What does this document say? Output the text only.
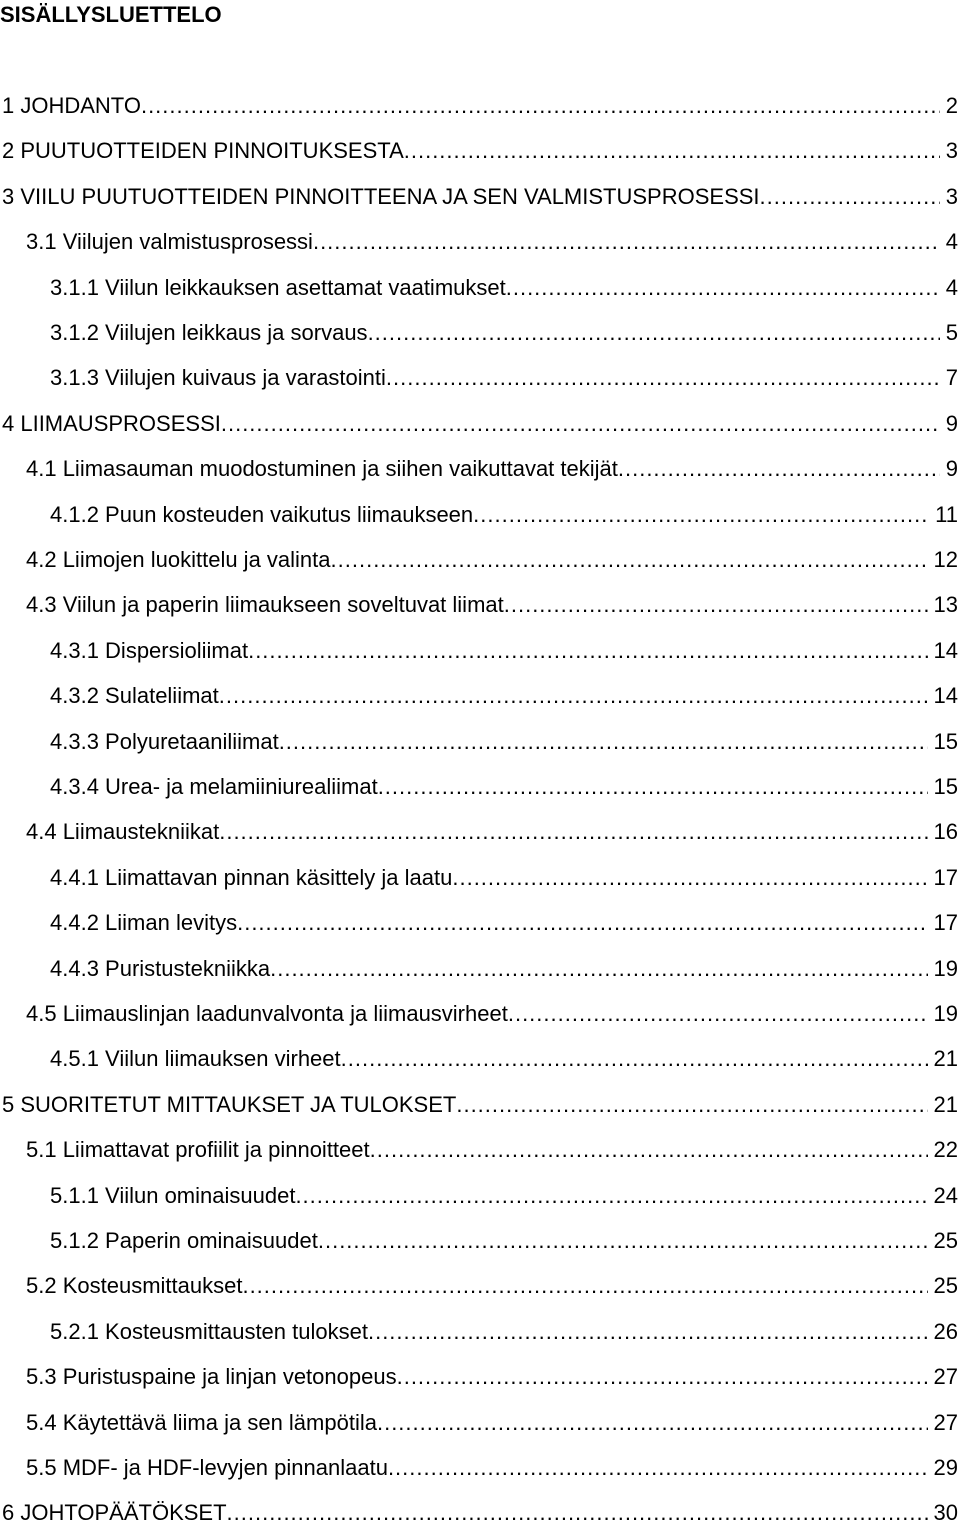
SISÄLLYSLUETTELO
1 JOHDANTO .....	2
2 PUUTUOTTEIDEN PINNOITUKSESTA .....	3
3 VIILU PUUTUOTTEIDEN PINNOITTEENA JA SEN VALMISTUSPROSESSI .....	3
3.1 Viilujen valmistusprosessi .....	4
3.1.1 Viilun leikkauksen asettamat vaatimukset .....	4
3.1.2 Viilujen leikkaus ja sorvaus .....	5
3.1.3 Viilujen kuivaus ja varastointi .....	7
4 LIIMAUSPROSESSI .....	9
4.1 Liimasauman muodostuminen ja siihen vaikuttavat tekijät .....	9
4.1.2 Puun kosteuden vaikutus liimaukseen .....	11
4.2 Liimojen luokittelu ja valinta .....	12
4.3 Viilun ja paperin liimaukseen soveltuvat liimat .....	13
4.3.1 Dispersioliimat .....	14
4.3.2 Sulateliimat .....	14
4.3.3 Polyuretaaniliimat .....	15
4.3.4 Urea- ja melamiiniurealiimat .....	15
4.4 Liimaustekniikat .....	16
4.4.1 Liimattavan pinnan käsittely ja laatu .....	17
4.4.2 Liiman levitys .....	17
4.4.3 Puristustekniikka .....	19
4.5 Liimauslinjan laadunvalvonta ja liimausvirheet .....	19
4.5.1 Viilun liimauksen virheet .....	21
5 SUORITETUT MITTAUKSET JA TULOKSET .....	21
5.1 Liimattavat profiilit ja pinnoitteet .....	22
5.1.1 Viilun ominaisuudet .....	24
5.1.2 Paperin ominaisuudet .....	25
5.2 Kosteusmittaukset .....	25
5.2.1 Kosteusmittausten tulokset .....	26
5.3 Puristuspaine ja linjan vetonopeus .....	27
5.4 Käytettävä liima ja sen lämpötila .....	27
5.5 MDF- ja HDF-levyjen pinnanlaatu .....	29
6 JOHTOPÄÄTÖKSET .....	30
